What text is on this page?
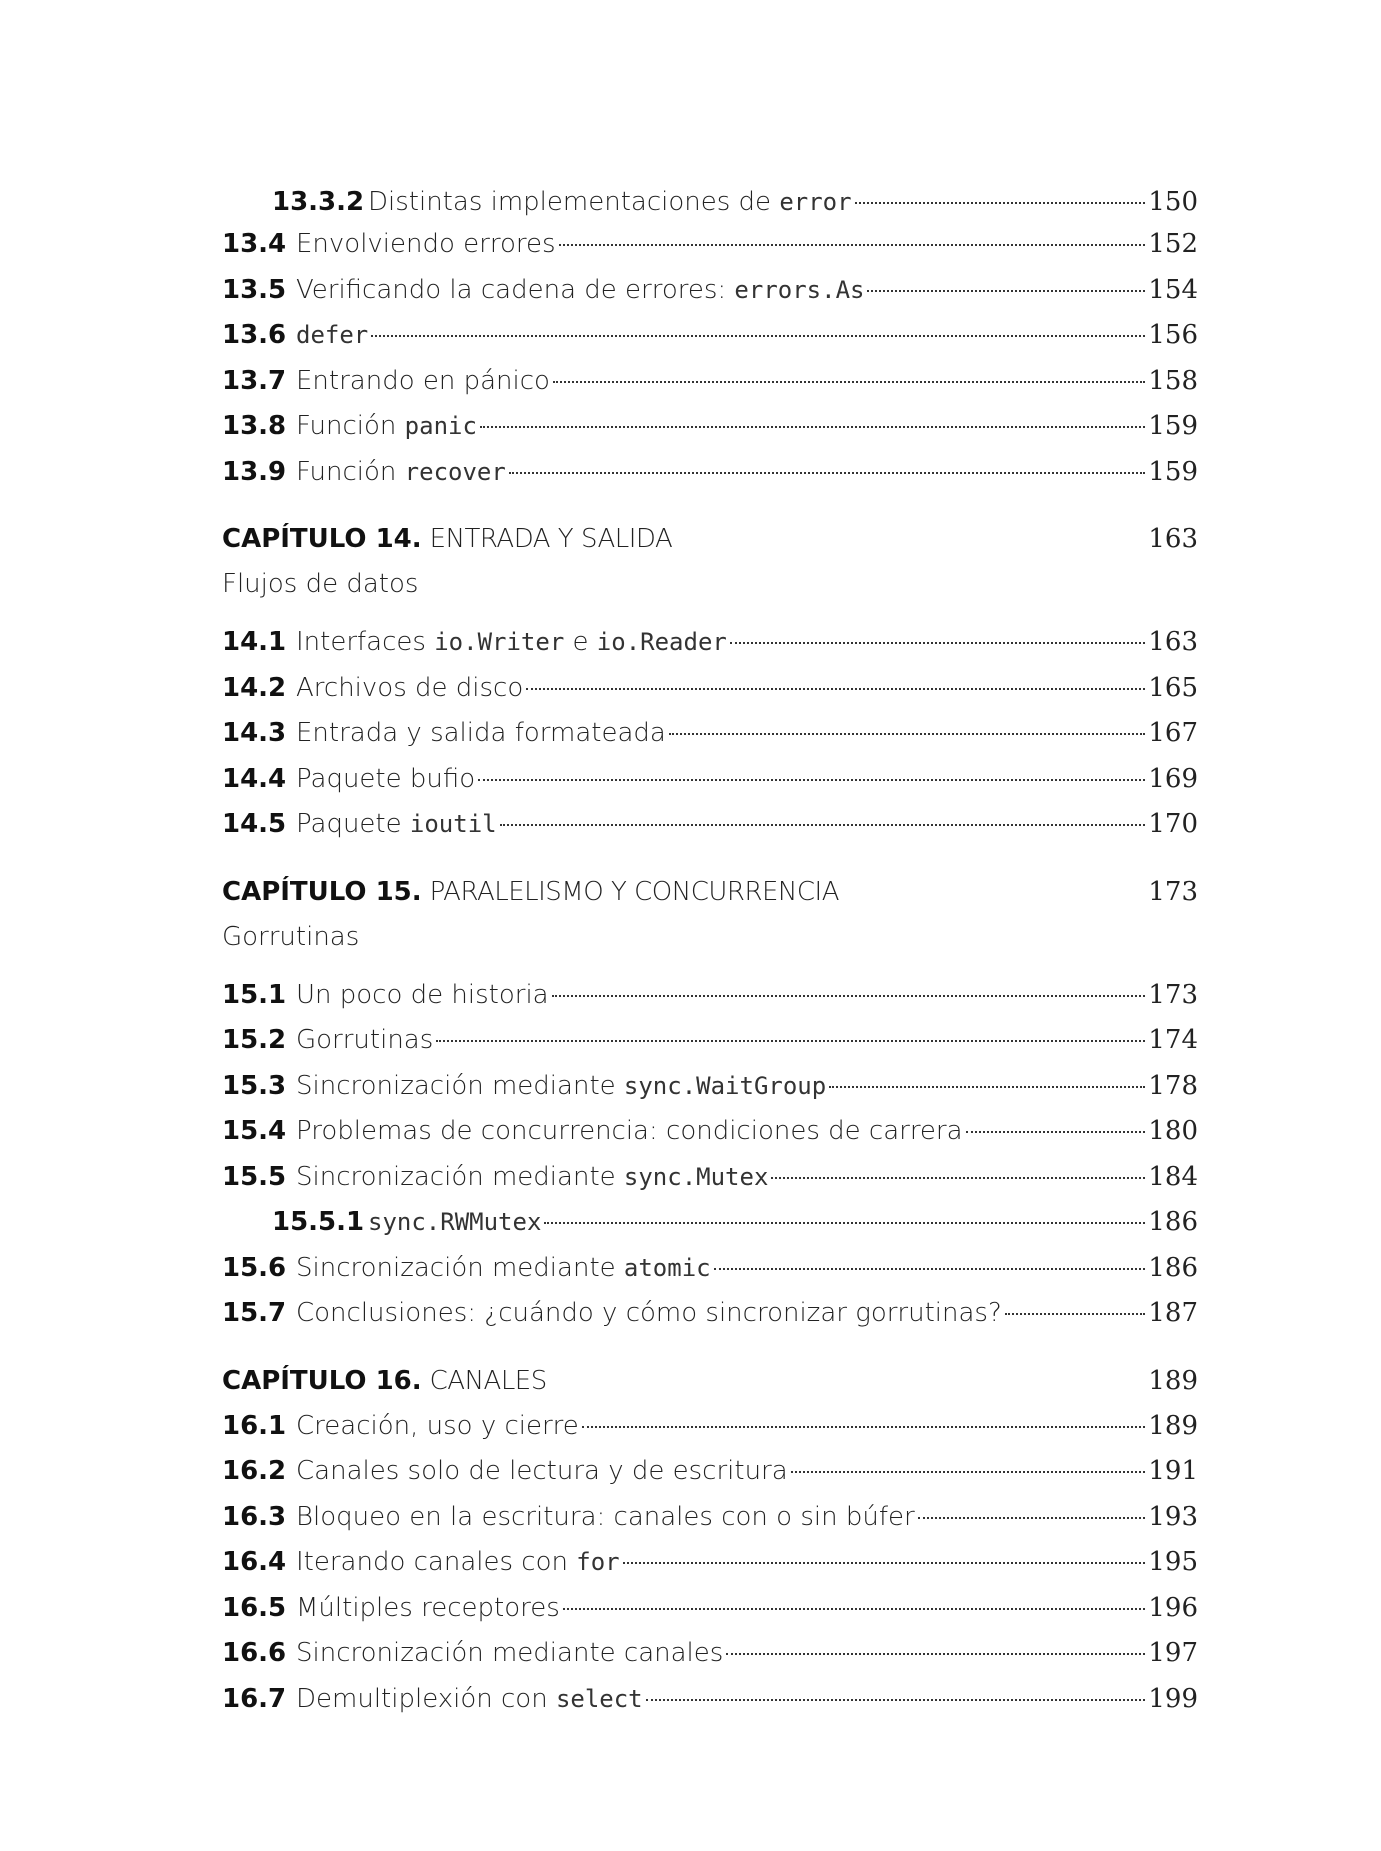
13.3.2 Distintas implementaciones de error	150
13.4 Envolviendo errores	152
13.5 Verificando la cadena de errores: errors.As	154
13.6 defer	156
13.7 Entrando en pánico	158
13.8 Función panic	159
13.9 Función recover	159
CAPÍTULO 14. ENTRADA Y SALIDA	163
Flujos de datos
14.1 Interfaces io.Writer e io.Reader	163
14.2 Archivos de disco	165
14.3 Entrada y salida formateada	167
14.4 Paquete bufio	169
14.5 Paquete ioutil	170
CAPÍTULO 15. PARALELISMO Y CONCURRENCIA	173
Gorrutinas
15.1 Un poco de historia	173
15.2 Gorrutinas	174
15.3 Sincronización mediante sync.WaitGroup	178
15.4 Problemas de concurrencia: condiciones de carrera	180
15.5 Sincronización mediante sync.Mutex	184
15.5.1 sync.RWMutex	186
15.6 Sincronización mediante atomic	186
15.7 Conclusiones: ¿cuándo y cómo sincronizar gorrutinas?	187
CAPÍTULO 16. CANALES	189
16.1 Creación, uso y cierre	189
16.2 Canales solo de lectura y de escritura	191
16.3 Bloqueo en la escritura: canales con o sin búfer	193
16.4 Iterando canales con for	195
16.5 Múltiples receptores	196
16.6 Sincronización mediante canales	197
16.7 Demultiplexión con select	199
